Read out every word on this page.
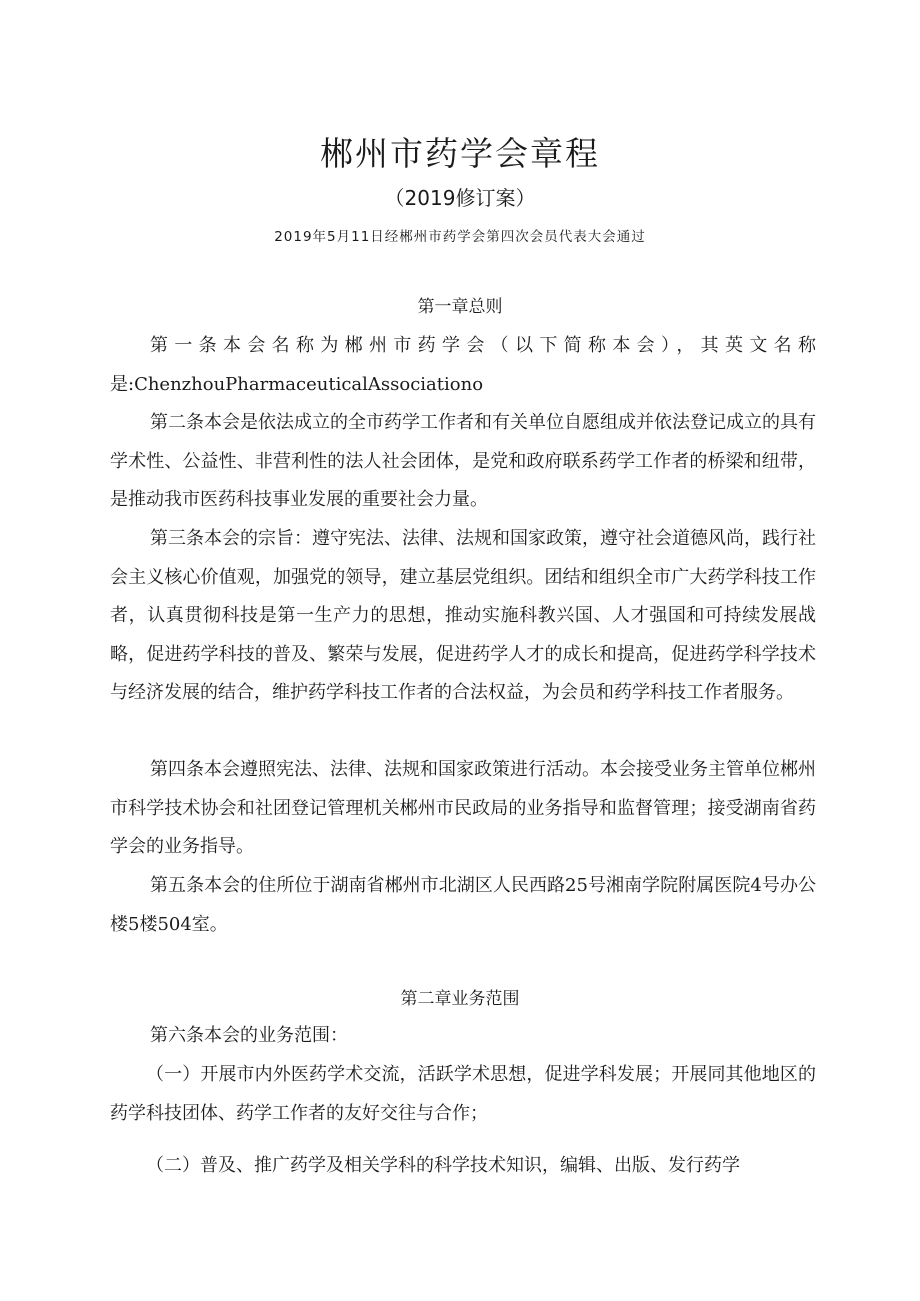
郴州市药学会章程
（2019修订案）
2019年5月11日经郴州市药学会第四次会员代表大会通过
第一章总则

第一条本会名称为郴州市药学会（以下简称本会），其英文名称是:ChenzhouPharmaceuticalAssociationo

第二条本会是依法成立的全市药学工作者和有关单位自愿组成并依法登记成立的具有学术性、公益性、非营利性的法人社会团体，是党和政府联系药学工作者的桥梁和纽带，是推动我市医药科技事业发展的重要社会力量。

第三条本会的宗旨：遵守宪法、法律、法规和国家政策，遵守社会道德风尚，践行社会主义核心价值观，加强党的领导，建立基层党组织。团结和组织全市广大药学科技工作者，认真贯彻科技是第一生产力的思想，推动实施科教兴国、人才强国和可持续发展战略，促进药学科技的普及、繁荣与发展，促进药学人才的成长和提高，促进药学科学技术与经济发展的结合，维护药学科技工作者的合法权益，为会员和药学科技工作者服务。

第四条本会遵照宪法、法律、法规和国家政策进行活动。本会接受业务主管单位郴州市科学技术协会和社团登记管理机关郴州市民政局的业务指导和监督管理；接受湖南省药学会的业务指导。

第五条本会的住所位于湖南省郴州市北湖区人民西路25号湘南学院附属医院4号办公楼5楼504室。

第二章业务范围

第六条本会的业务范围：

（一）开展市内外医药学术交流，活跃学术思想，促进学科发展；开展同其他地区的药学科技团体、药学工作者的友好交往与合作；

（二）普及、推广药学及相关学科的科学技术知识，编辑、出版、发行药学
